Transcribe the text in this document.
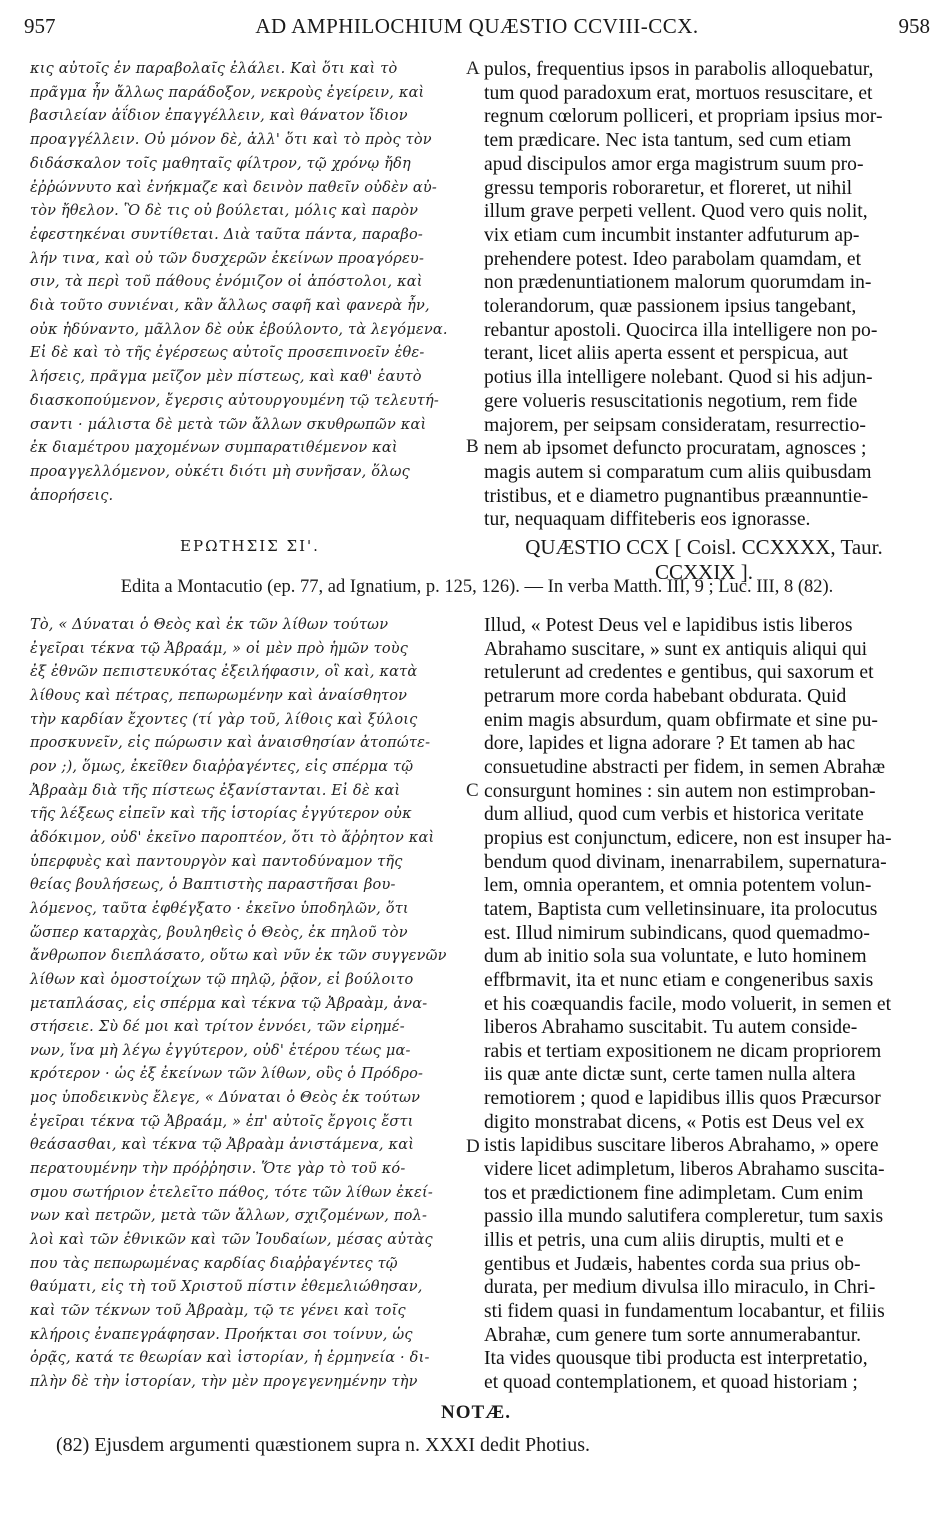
957	AD AMPHILOCHIUM QUÆSTIO CCVIII-CCX.	958
κις αὐτοῖς ἐν παραβολαῖς ἐλάλει. Καὶ ὅτι καὶ τὸ
πρᾶγμα ἦν ἄλλως παράδοξον, νεκροὺς ἐγείρειν, καὶ
βασιλείαν ἀΐδιον ἐπαγγέλλειν, καὶ θάνατον ἴδιον
προαγγέλλειν. Οὐ μόνον δὲ, ἀλλ' ὅτι καὶ τὸ πρὸς τὸν
διδάσκαλον τοῖς μαθηταῖς φίλτρον, τῷ χρόνῳ ἤδη
ἐῤῥώννυτο καὶ ἐνήκμαζε καὶ δεινὸν παθεῖν οὐδὲν αὐ-
τὸν ἤθελον. Ὃ δὲ τις οὐ βούλεται, μόλις καὶ παρὸν
ἐφεστηκέναι συντίθεται. Διὰ ταῦτα πάντα, παραβο-
λήν τινα, καὶ οὐ τῶν δυσχερῶν ἐκείνων προαγόρευ-
σιν, τὰ περὶ τοῦ πάθους ἐνόμιζον οἱ ἀπόστολοι, καὶ
διὰ τοῦτο συνιέναι, κἂν ἄλλως σαφῆ καὶ φανερὰ ἦν,
οὐκ ἠδύναντο, μᾶλλον δὲ οὐκ ἐβούλοντο, τὰ λεγόμενα.
Εἰ δὲ καὶ τὸ τῆς ἐγέρσεως αὐτοῖς προσεπινοεῖν ἐθε-
λήσεις, πρᾶγμα μεῖζον μὲν πίστεως, καὶ καθ' ἑαυτὸ
διασκοπούμενον, ἔγερσις αὐτουργουμένη τῷ τελευτή-
σαντι · μάλιστα δὲ μετὰ τῶν ἄλλων σκυθρωπῶν καὶ
ἐκ διαμέτρου μαχομένων συμπαρατιθέμενον καὶ
προαγγελλόμενον, οὐκέτι διότι μὴ συνῆσαν, ὅλως
ἀπορήσεις.
pulos, frequentius ipsos in parabolis alloquebatur,
tum quod paradoxum erat, mortuos resuscitare, et
regnum cœlorum polliceri, et propriam ipsius mor-
tem prædicare. Nec ista tantum, sed cum etiam
apud discipulos amor erga magistrum suum pro-
gressu temporis roboraretur, et floreret, ut nihil
illum grave perpeti vellent. Quod vero quis nolit,
vix etiam cum incumbit instanter adfuturum ap-
prehendere potest. Ideo parabolam quamdam, et
non prædenuntiationem malorum quorumdam in-
tolerandorum, quæ passionem ipsius tangebant,
rebantur apostoli. Quocirca illa intelligere non po-
terant, licet aliis aperta essent et perspicua, aut
potius illa intelligere nolebant. Quod si his adjun-
gere volueris resuscitationis negotium, rem fide
majorem, per seipsam consideratam, resurrectio-
nem ab ipsomet defuncto procuratam, agnosces ;
magis autem si comparatum cum aliis quibusdam
tristibus, et e diametro pugnantibus præannuntie-
tur, nequaquam diffiteberis eos ignorasse.
A
B
C
D
ΕΡΩΤΗΣΙΣ ΣΙ'.	QUÆSTIO CCX [ Coisl. CCXXXX, Taur. CCXXIX ].
Edita a Montacutio (ep. 77, ad Ignatium, p. 125, 126). — In verba Matth. III, 9 ; Luc. III, 8 (82).
Τὸ, « Δύναται ὁ Θεὸς καὶ ἐκ τῶν λίθων τούτων
ἐγεῖραι τέκνα τῷ Ἀβραάμ, » οἱ μὲν πρὸ ἡμῶν τοὺς
ἐξ ἐθνῶν πεπιστευκότας ἐξειλήφασιν, οἳ καὶ, κατὰ
λίθους καὶ πέτρας, πεπωρωμένην καὶ ἀναίσθητον
τὴν καρδίαν ἔχοντες (τί γὰρ τοῦ, λίθοις καὶ ξύλοις
προσκυνεῖν, εἰς πώρωσιν καὶ ἀναισθησίαν ἀτοπώτε-
ρον ;), ὅμως, ἐκεῖθεν διαῤῥαγέντες, εἰς σπέρμα τῷ
Ἀβραὰμ διὰ τῆς πίστεως ἐξανίστανται. Εἰ δὲ καὶ
τῆς λέξεως εἰπεῖν καὶ τῆς ἱστορίας ἐγγύτερον οὐκ
ἀδόκιμον, οὐδ' ἐκεῖνο παροπτέον, ὅτι τὸ ἄῤῥητον καὶ
ὑπερφυὲς καὶ παντουργὸν καὶ παντοδύναμον τῆς
θείας βουλήσεως, ὁ Βαπτιστὴς παραστῆσαι βου-
λόμενος, ταῦτα ἐφθέγξατο · ἐκεῖνο ὑποδηλῶν, ὅτι
ὥσπερ καταρχὰς, βουληθεὶς ὁ Θεὸς, ἐκ πηλοῦ τὸν
ἄνθρωπον διεπλάσατο, οὕτω καὶ νῦν ἐκ τῶν συγγενῶν
λίθων καὶ ὁμοστοίχων τῷ πηλῷ, ῥᾷον, εἰ βούλοιτο
μεταπλάσας, εἰς σπέρμα καὶ τέκνα τῷ Ἀβραὰμ, ἀνα-
στήσειε. Σὺ δέ μοι καὶ τρίτον ἐννόει, τῶν εἰρημέ-
νων, ἵνα μὴ λέγω ἐγγύτερον, οὐδ' ἑτέρου τέως μα-
κρότερον · ὡς ἐξ ἐκείνων τῶν λίθων, οὓς ὁ Πρόδρο-
μος ὑποδεικνὺς ἔλεγε, « Δύναται ὁ Θεὸς ἐκ τούτων
ἐγεῖραι τέκνα τῷ Ἀβραάμ, » ἐπ' αὐτοῖς ἔργοις ἔστι
θεάσασθαι, καὶ τέκνα τῷ Ἀβραὰμ ἀνιστάμενα, καὶ
περατουμένην τὴν πρόῤῥησιν. Ὅτε γὰρ τὸ τοῦ κό-
σμου σωτήριον ἐτελεῖτο πάθος, τότε τῶν λίθων ἐκεί-
νων καὶ πετρῶν, μετὰ τῶν ἄλλων, σχιζομένων, πολ-
λοὶ καὶ τῶν ἐθνικῶν καὶ τῶν Ἰουδαίων, μέσας αὐτὰς
που τὰς πεπωρωμένας καρδίας διαῤῥαγέντες τῷ
θαύματι, εἰς τὴ τοῦ Χριστοῦ πίστιν ἐθεμελιώθησαν,
καὶ τῶν τέκνων τοῦ Ἀβραὰμ, τῷ τε γένει καὶ τοῖς
κλήροις ἐναπεγράφησαν. Προήκται σοι τοίνυν, ὡς
ὁρᾷς, κατά τε θεωρίαν καὶ ἱστορίαν, ἡ ἑρμηνεία · δι-
πλὴν δὲ τὴν ἱστορίαν, τὴν μὲν προγεγενημένην τὴν
Illud, « Potest Deus vel e lapidibus istis liberos
Abrahamo suscitare, » sunt ex antiquis aliqui qui
retulerunt ad credentes e gentibus, qui saxorum et
petrarum more corda habebant obdurata. Quid
enim magis absurdum, quam obfirmate et sine pu-
dore, lapides et ligna adorare ? Et tamen ab hac
consuetudine abstracti per fidem, in semen Abrahæ
consurgunt homines : sin autem non estimproban-
dum alliud, quod cum verbis et historica veritate
propius est conjunctum, edicere, non est insuper ha-
bendum quod divinam, inenarrabilem, supernatura-
lem, omnia operantem, et omnia potentem volun-
tatem, Baptista cum velletinsinuare, ita prolocutus
est. Illud nimirum subindicans, quod quemadmo-
dum ab initio sola sua voluntate, e luto hominem
effbrmavit, ita et nunc etiam e congeneribus saxis
et his coæquandis facile, modo voluerit, in semen et
liberos Abrahamo suscitabit. Tu autem conside-
rabis et tertiam expositionem ne dicam propriorem
iis quæ ante dictæ sunt, certe tamen nulla altera
remotiorem ; quod e lapidibus illis quos Præcursor
digito monstrabat dicens, « Potis est Deus vel ex
istis lapidibus suscitare liberos Abrahamo, » opere
videre licet adimpletum, liberos Abrahamo suscita-
tos et prædictionem fine adimpletam. Cum enim
passio illa mundo salutifera compleretur, tum saxis
illis et petris, una cum aliis diruptis, multi et e
gentibus et Judæis, habentes corda sua prius ob-
durata, per medium divulsa illo miraculo, in Chri-
sti fidem quasi in fundamentum locabantur, et filiis
Abrahæ, cum genere tum sorte annumerabantur.
Ita vides quousque tibi producta est interpretatio,
et quoad contemplationem, et quoad historiam ;
NOTÆ.
(82) Ejusdem argumenti quæstionem supra n. XXXI dedit Photius.
